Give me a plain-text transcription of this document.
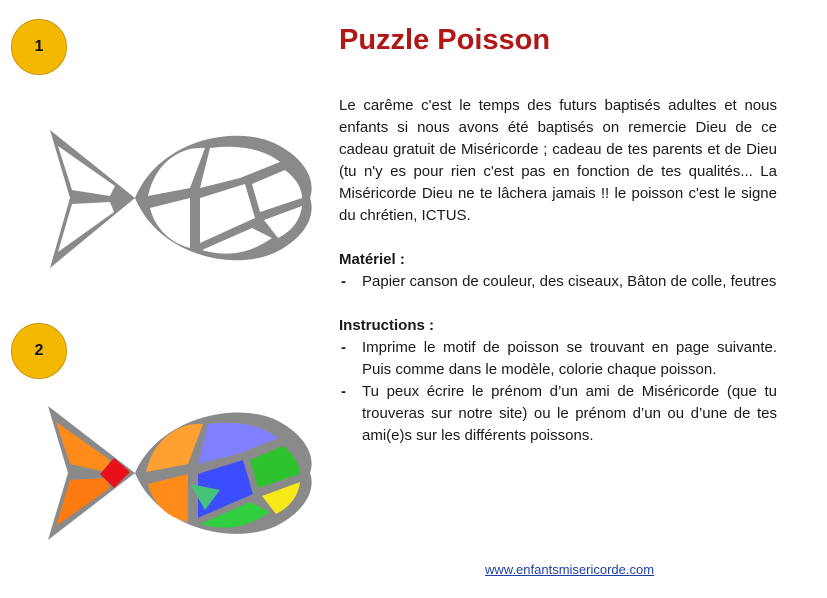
1
2
Puzzle Poisson

Le carême c'est le temps des futurs baptisés adultes et nous enfants si nous avons été baptisés on remercie Dieu de ce cadeau gratuit de Miséricorde ; cadeau de tes parents et de Dieu (tu n'y es pour rien c'est pas en fonction de tes qualités... La Miséricorde Dieu ne te lâchera jamais !! le poisson c'est le signe du chrétien, ICTUS.

Matériel :
- Papier canson de couleur, des ciseaux, Bâton de colle, feutres
Instructions :
- Imprime le motif de poisson se trouvant en page suivante. Puis comme dans le modèle, colorie chaque poisson.
- Tu peux écrire le prénom d’un ami de Miséricorde (que tu trouveras sur notre site) ou le prénom d’un ou d’une de tes ami(e)s sur les différents poissons.
www.enfantsmisericorde.com
